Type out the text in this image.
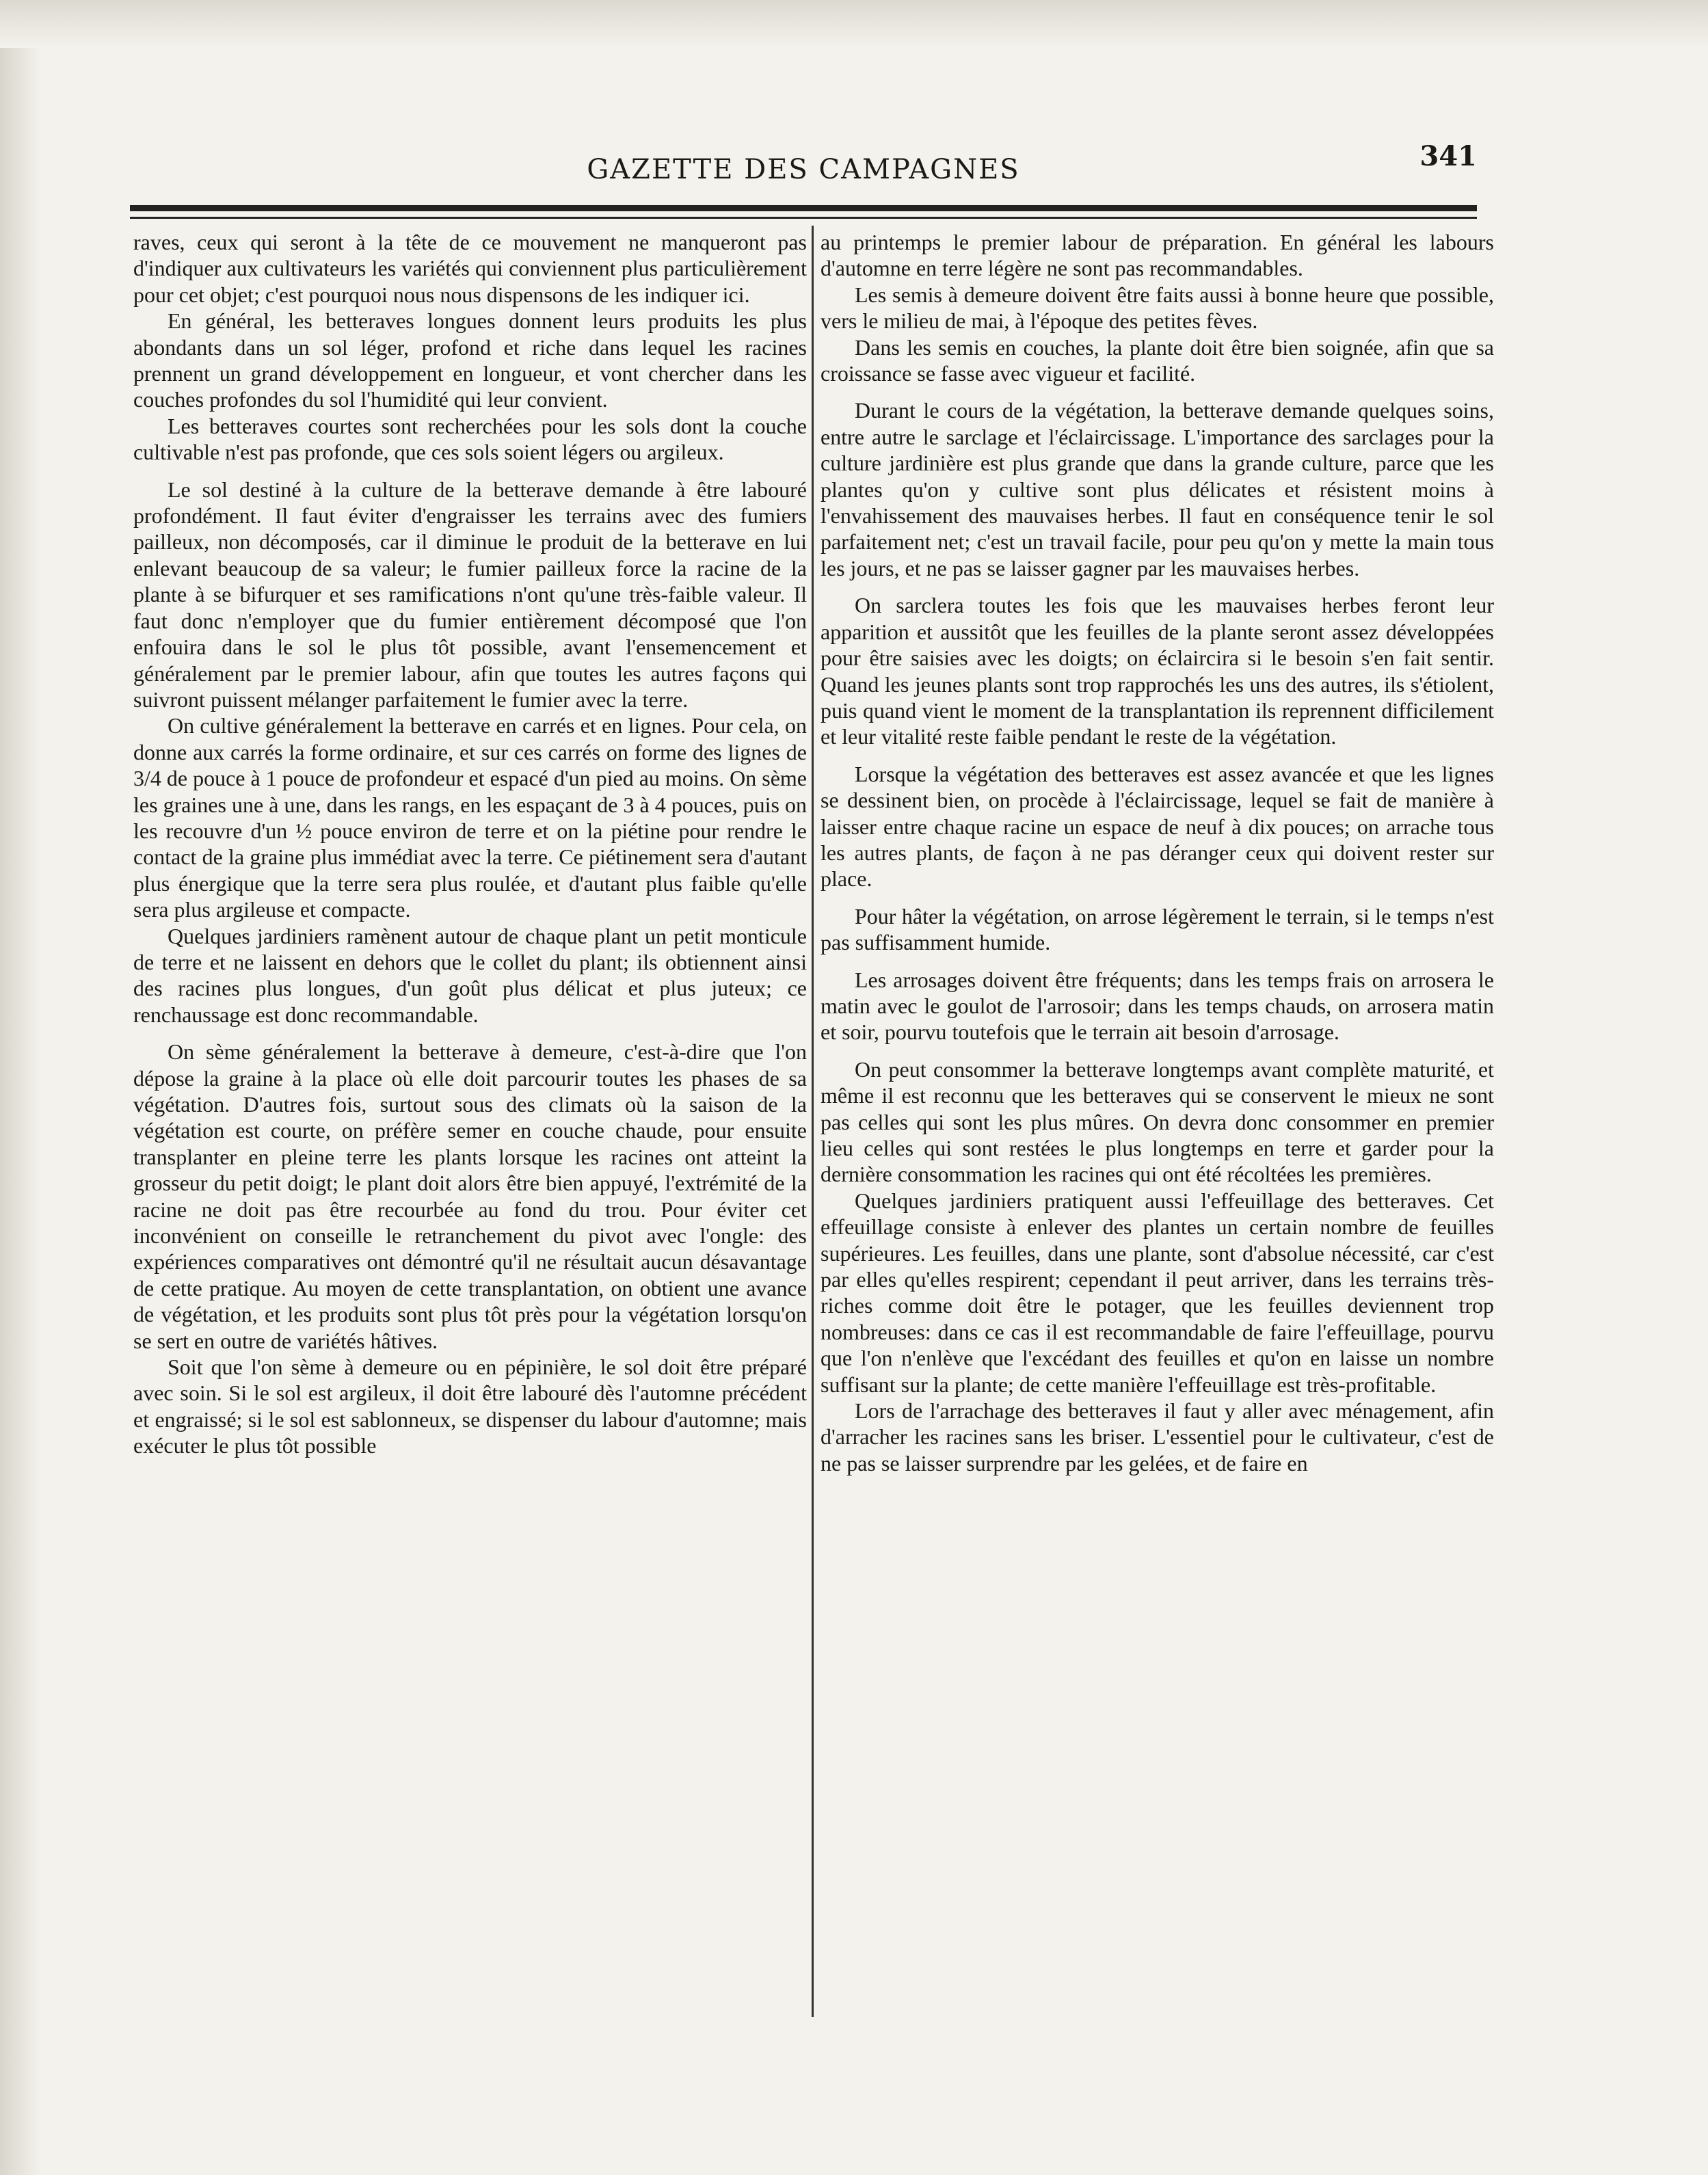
GAZETTE DES CAMPAGNES	341

raves, ceux qui seront à la tête de ce mouvement ne manqueront pas d'indiquer aux cultivateurs les variétés qui conviennent plus particulièrement pour cet objet; c'est pourquoi nous nous dispensons de les indiquer ici.

En général, les betteraves longues donnent leurs produits les plus abondants dans un sol léger, profond et riche dans lequel les racines prennent un grand développement en longueur, et vont chercher dans les couches profondes du sol l'humidité qui leur convient.

Les betteraves courtes sont recherchées pour les sols dont la couche cultivable n'est pas profonde, que ces sols soient légers ou argileux.

Le sol destiné à la culture de la betterave demande à être labouré profondément. Il faut éviter d'engraisser les terrains avec des fumiers pailleux, non décomposés, car il diminue le produit de la betterave en lui enlevant beaucoup de sa valeur; le fumier pailleux force la racine de la plante à se bifurquer et ses ramifications n'ont qu'une très-faible valeur. Il faut donc n'employer que du fumier entièrement décomposé que l'on enfouira dans le sol le plus tôt possible, avant l'ensemencement et généralement par le premier labour, afin que toutes les autres façons qui suivront puissent mélanger parfaitement le fumier avec la terre.

On cultive généralement la betterave en carrés et en lignes. Pour cela, on donne aux carrés la forme ordinaire, et sur ces carrés on forme des lignes de 3/4 de pouce à 1 pouce de profondeur et espacé d'un pied au moins. On sème les graines une à une, dans les rangs, en les espaçant de 3 à 4 pouces, puis on les recouvre d'un ½ pouce environ de terre et on la piétine pour rendre le contact de la graine plus immédiat avec la terre. Ce piétinement sera d'autant plus énergique que la terre sera plus roulée, et d'autant plus faible qu'elle sera plus argileuse et compacte.

Quelques jardiniers ramènent autour de chaque plant un petit monticule de terre et ne laissent en dehors que le collet du plant; ils obtiennent ainsi des racines plus longues, d'un goût plus délicat et plus juteux; ce renchaussage est donc recommandable.

On sème généralement la betterave à demeure, c'est-à-dire que l'on dépose la graine à la place où elle doit parcourir toutes les phases de sa végétation. D'autres fois, surtout sous des climats où la saison de la végétation est courte, on préfère semer en couche chaude, pour ensuite transplanter en pleine terre les plants lorsque les racines ont atteint la grosseur du petit doigt; le plant doit alors être bien appuyé, l'extrémité de la racine ne doit pas être recourbée au fond du trou. Pour éviter cet inconvénient on conseille le retranchement du pivot avec l'ongle: des expériences comparatives ont démontré qu'il ne résultait aucun désavantage de cette pratique. Au moyen de cette transplantation, on obtient une avance de végétation, et les produits sont plus tôt près pour la végétation lorsqu'on se sert en outre de variétés hâtives.

Soit que l'on sème à demeure ou en pépinière, le sol doit être préparé avec soin. Si le sol est argileux, il doit être labouré dès l'automne précédent et engraissé; si le sol est sablonneux, se dispenser du labour d'automne; mais exécuter le plus tôt possible

au printemps le premier labour de préparation. En général les labours d'automne en terre légère ne sont pas recommandables.

Les semis à demeure doivent être faits aussi à bonne heure que possible, vers le milieu de mai, à l'époque des petites fèves.

Dans les semis en couches, la plante doit être bien soignée, afin que sa croissance se fasse avec vigueur et facilité.

Durant le cours de la végétation, la betterave demande quelques soins, entre autre le sarclage et l'éclaircissage. L'importance des sarclages pour la culture jardinière est plus grande que dans la grande culture, parce que les plantes qu'on y cultive sont plus délicates et résistent moins à l'envahissement des mauvaises herbes. Il faut en conséquence tenir le sol parfaitement net; c'est un travail facile, pour peu qu'on y mette la main tous les jours, et ne pas se laisser gagner par les mauvaises herbes.

On sarclera toutes les fois que les mauvaises herbes feront leur apparition et aussitôt que les feuilles de la plante seront assez développées pour être saisies avec les doigts; on éclaircira si le besoin s'en fait sentir. Quand les jeunes plants sont trop rapprochés les uns des autres, ils s'étiolent, puis quand vient le moment de la transplantation ils reprennent difficilement et leur vitalité reste faible pendant le reste de la végétation.

Lorsque la végétation des betteraves est assez avancée et que les lignes se dessinent bien, on procède à l'éclaircissage, lequel se fait de manière à laisser entre chaque racine un espace de neuf à dix pouces; on arrache tous les autres plants, de façon à ne pas déranger ceux qui doivent rester sur place.

Pour hâter la végétation, on arrose légèrement le terrain, si le temps n'est pas suffisamment humide.

Les arrosages doivent être fréquents; dans les temps frais on arrosera le matin avec le goulot de l'arrosoir; dans les temps chauds, on arrosera matin et soir, pourvu toutefois que le terrain ait besoin d'arrosage.

On peut consommer la betterave longtemps avant complète maturité, et même il est reconnu que les betteraves qui se conservent le mieux ne sont pas celles qui sont les plus mûres. On devra donc consommer en premier lieu celles qui sont restées le plus longtemps en terre et garder pour la dernière consommation les racines qui ont été récoltées les premières.

Quelques jardiniers pratiquent aussi l'effeuillage des betteraves. Cet effeuillage consiste à enlever des plantes un certain nombre de feuilles supérieures. Les feuilles, dans une plante, sont d'absolue nécessité, car c'est par elles qu'elles respirent; cependant il peut arriver, dans les terrains très-riches comme doit être le potager, que les feuilles deviennent trop nombreuses: dans ce cas il est recommandable de faire l'effeuillage, pourvu que l'on n'enlève que l'excédant des feuilles et qu'on en laisse un nombre suffisant sur la plante; de cette manière l'effeuillage est très-profitable.

Lors de l'arrachage des betteraves il faut y aller avec ménagement, afin d'arracher les racines sans les briser. L'essentiel pour le cultivateur, c'est de ne pas se laisser surprendre par les gelées, et de faire en
